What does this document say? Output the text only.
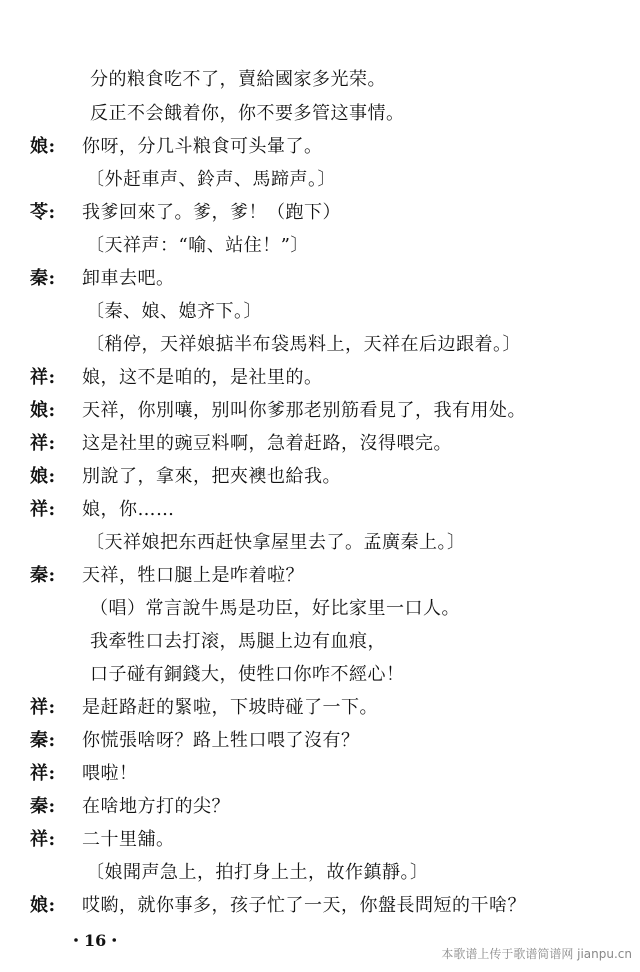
分的粮食吃不了，賣給國家多光荣。
反正不会餓着你，你不要多管这事情。
娘: 你呀，分几斗粮食可头暈了。
〔外赶車声、鈴声、馬蹄声。〕
苓: 我爹回來了。爹，爹！（跑下）
〔天祥声：“喻、站住！”〕
秦: 卸車去吧。
〔秦、娘、媳齐下。〕
〔稍停，天祥娘掂半布袋馬料上，天祥在后边跟着。〕
祥: 娘，这不是咱的，是社里的。
娘: 天祥，你別嚷，别叫你爹那老别筋看見了，我有用处。
祥: 这是社里的豌豆料啊，急着赶路，沒得喂完。
娘: 別說了，拿來，把夾襖也給我。
祥: 娘，你……
〔天祥娘把东西赶快拿屋里去了。孟廣秦上。〕
秦: 天祥，牲口腿上是咋着啦？
（唱）常言說牛馬是功臣，好比家里一口人。
我牽牲口去打滚，馬腿上边有血痕，
口子碰有銅錢大，使牲口你咋不經心！
祥: 是赶路赶的緊啦，下坡時碰了一下。
秦: 你慌張啥呀？路上牲口喂了沒有？
祥: 喂啦！
秦: 在啥地方打的尖？
祥: 二十里舖。
〔娘聞声急上，拍打身上土，故作鎮靜。〕
娘: 哎喲，就你事多，孩子忙了一天，你盤長問短的干啥？
・16・
本歌谱上传于歌谱简谱网 jianpu.cn
